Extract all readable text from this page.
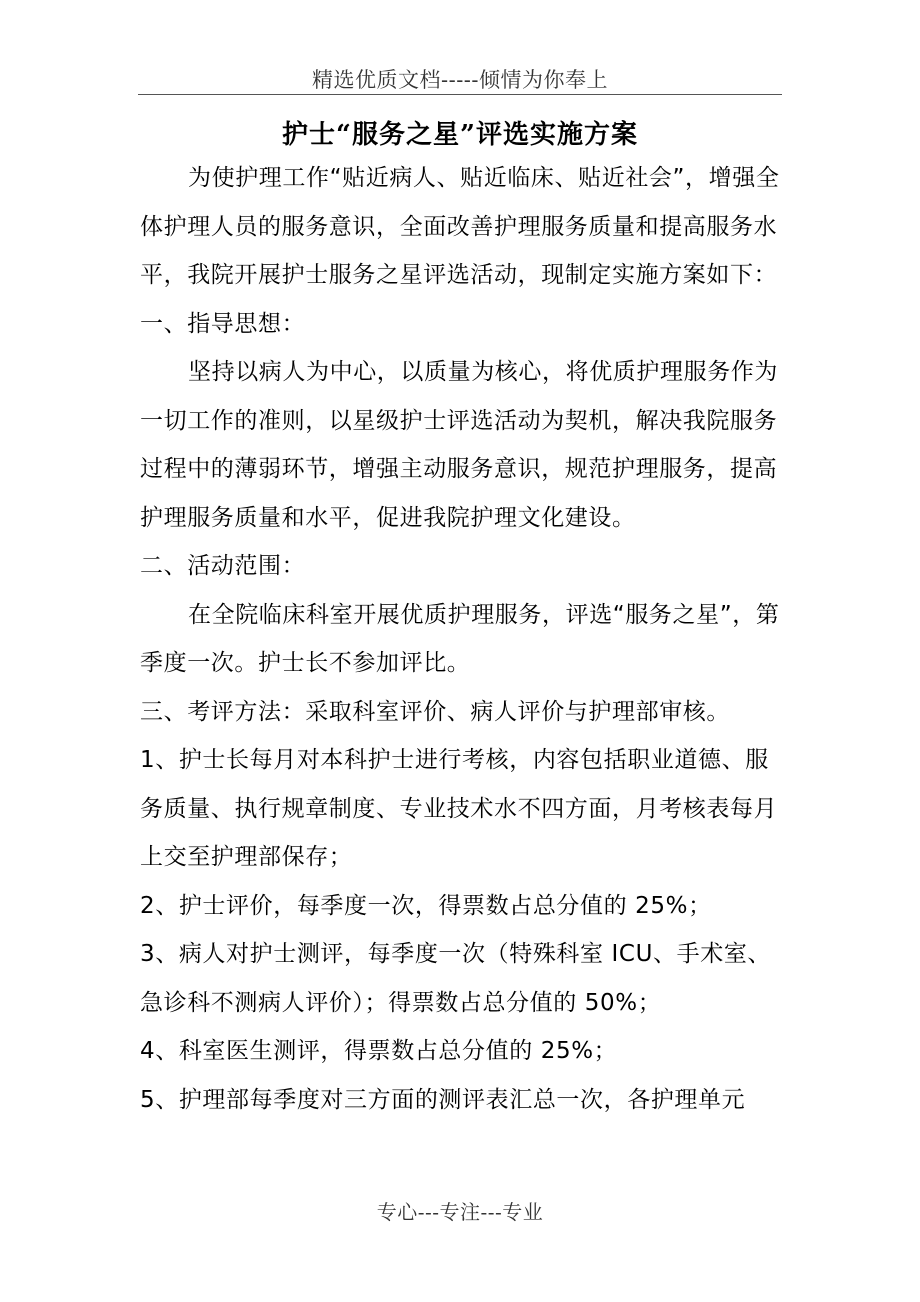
精选优质文档-----倾情为你奉上
护士“服务之星”评选实施方案

为使护理工作“贴近病人、贴近临床、贴近社会”，增强全体护理人员的服务意识，全面改善护理服务质量和提高服务水平，我院开展护士服务之星评选活动，现制定实施方案如下：

一、指导思想：

坚持以病人为中心，以质量为核心，将优质护理服务作为一切工作的准则，以星级护士评选活动为契机，解决我院服务过程中的薄弱环节，增强主动服务意识，规范护理服务，提高护理服务质量和水平，促进我院护理文化建设。

二、活动范围：

在全院临床科室开展优质护理服务，评选“服务之星”，第季度一次。护士长不参加评比。

三、考评方法：采取科室评价、病人评价与护理部审核。

1、护士长每月对本科护士进行考核，内容包括职业道德、服务质量、执行规章制度、专业技术水不四方面，月考核表每月上交至护理部保存；

2、护士评价，每季度一次，得票数占总分值的 25%；

3、病人对护士测评，每季度一次（特殊科室 ICU、手术室、急诊科不测病人评价）；得票数占总分值的 50%；

4、科室医生测评，得票数占总分值的 25%；

5、护理部每季度对三方面的测评表汇总一次，各护理单元

专心---专注---专业
